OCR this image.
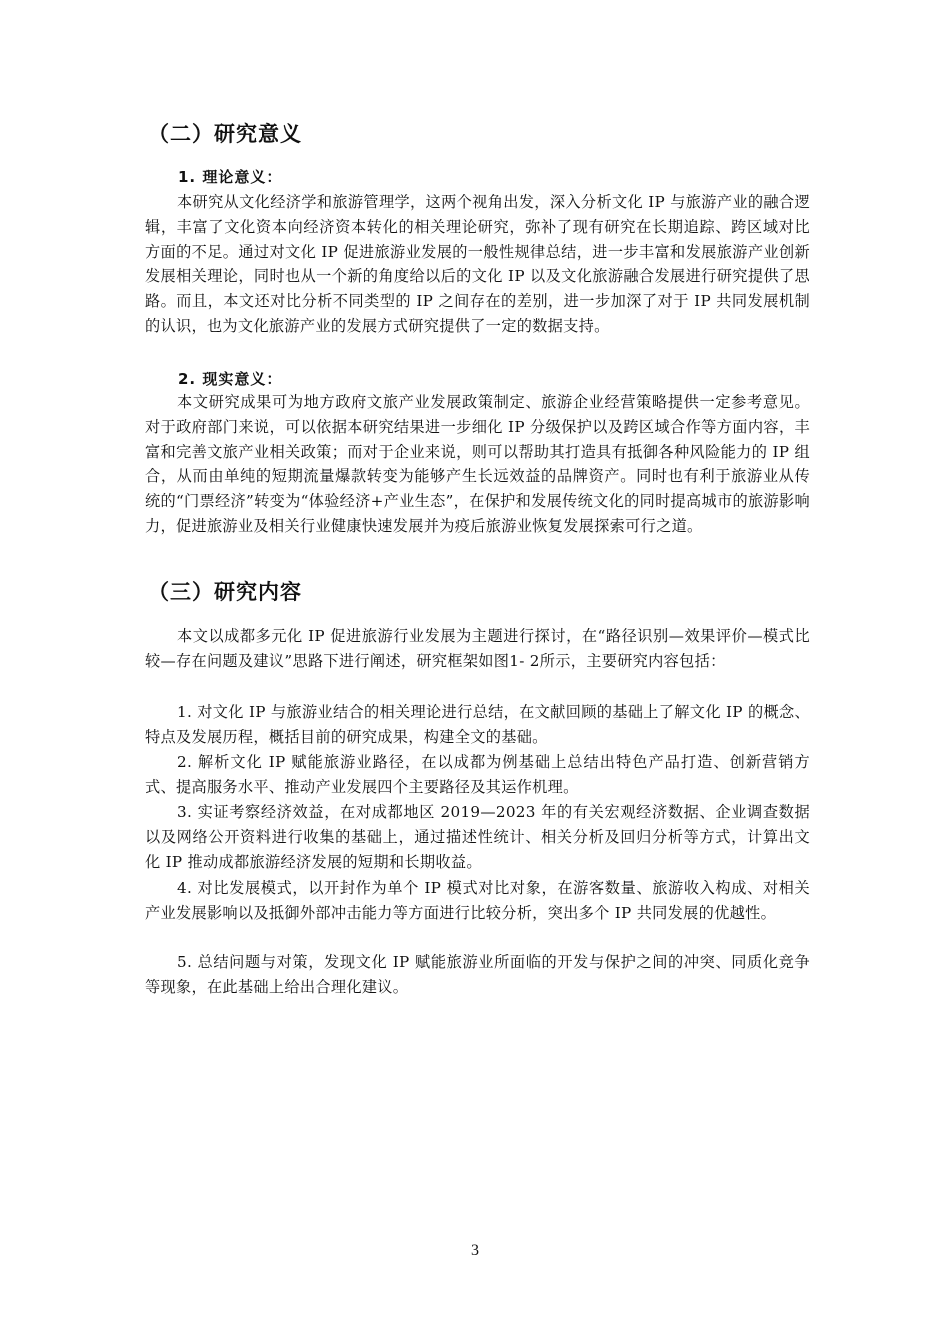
（二）研究意义

1. 理论意义：

本研究从文化经济学和旅游管理学，这两个视角出发，深入分析文化 IP 与旅游产业的融合逻辑，丰富了文化资本向经济资本转化的相关理论研究，弥补了现有研究在长期追踪、跨区域对比方面的不足。通过对文化 IP 促进旅游业发展的一般性规律总结，进一步丰富和发展旅游产业创新发展相关理论，同时也从一个新的角度给以后的文化 IP 以及文化旅游融合发展进行研究提供了思路。而且，本文还对比分析不同类型的 IP 之间存在的差别，进一步加深了对于 IP 共同发展机制的认识，也为文化旅游产业的发展方式研究提供了一定的数据支持。

2. 现实意义：

本文研究成果可为地方政府文旅产业发展政策制定、旅游企业经营策略提供一定参考意见。对于政府部门来说，可以依据本研究结果进一步细化 IP 分级保护以及跨区域合作等方面内容，丰富和完善文旅产业相关政策；而对于企业来说，则可以帮助其打造具有抵御各种风险能力的 IP 组合，从而由单纯的短期流量爆款转变为能够产生长远效益的品牌资产。同时也有利于旅游业从传统的“门票经济”转变为“体验经济+产业生态”，在保护和发展传统文化的同时提高城市的旅游影响力，促进旅游业及相关行业健康快速发展并为疫后旅游业恢复发展探索可行之道。

（三）研究内容

本文以成都多元化 IP 促进旅游行业发展为主题进行探讨，在“路径识别—效果评价—模式比较—存在问题及建议”思路下进行阐述，研究框架如图1- 2所示，主要研究内容包括：

1. 对文化 IP 与旅游业结合的相关理论进行总结，在文献回顾的基础上了解文化 IP 的概念、特点及发展历程，概括目前的研究成果，构建全文的基础。

2. 解析文化 IP 赋能旅游业路径，在以成都为例基础上总结出特色产品打造、创新营销方式、提高服务水平、推动产业发展四个主要路径及其运作机理。

3. 实证考察经济效益，在对成都地区 2019—2023 年的有关宏观经济数据、企业调查数据以及网络公开资料进行收集的基础上，通过描述性统计、相关分析及回归分析等方式，计算出文化 IP 推动成都旅游经济发展的短期和长期收益。

4. 对比发展模式，以开封作为单个 IP 模式对比对象，在游客数量、旅游收入构成、对相关产业发展影响以及抵御外部冲击能力等方面进行比较分析，突出多个 IP 共同发展的优越性。

5. 总结问题与对策，发现文化 IP 赋能旅游业所面临的开发与保护之间的冲突、同质化竞争等现象，在此基础上给出合理化建议。

3
